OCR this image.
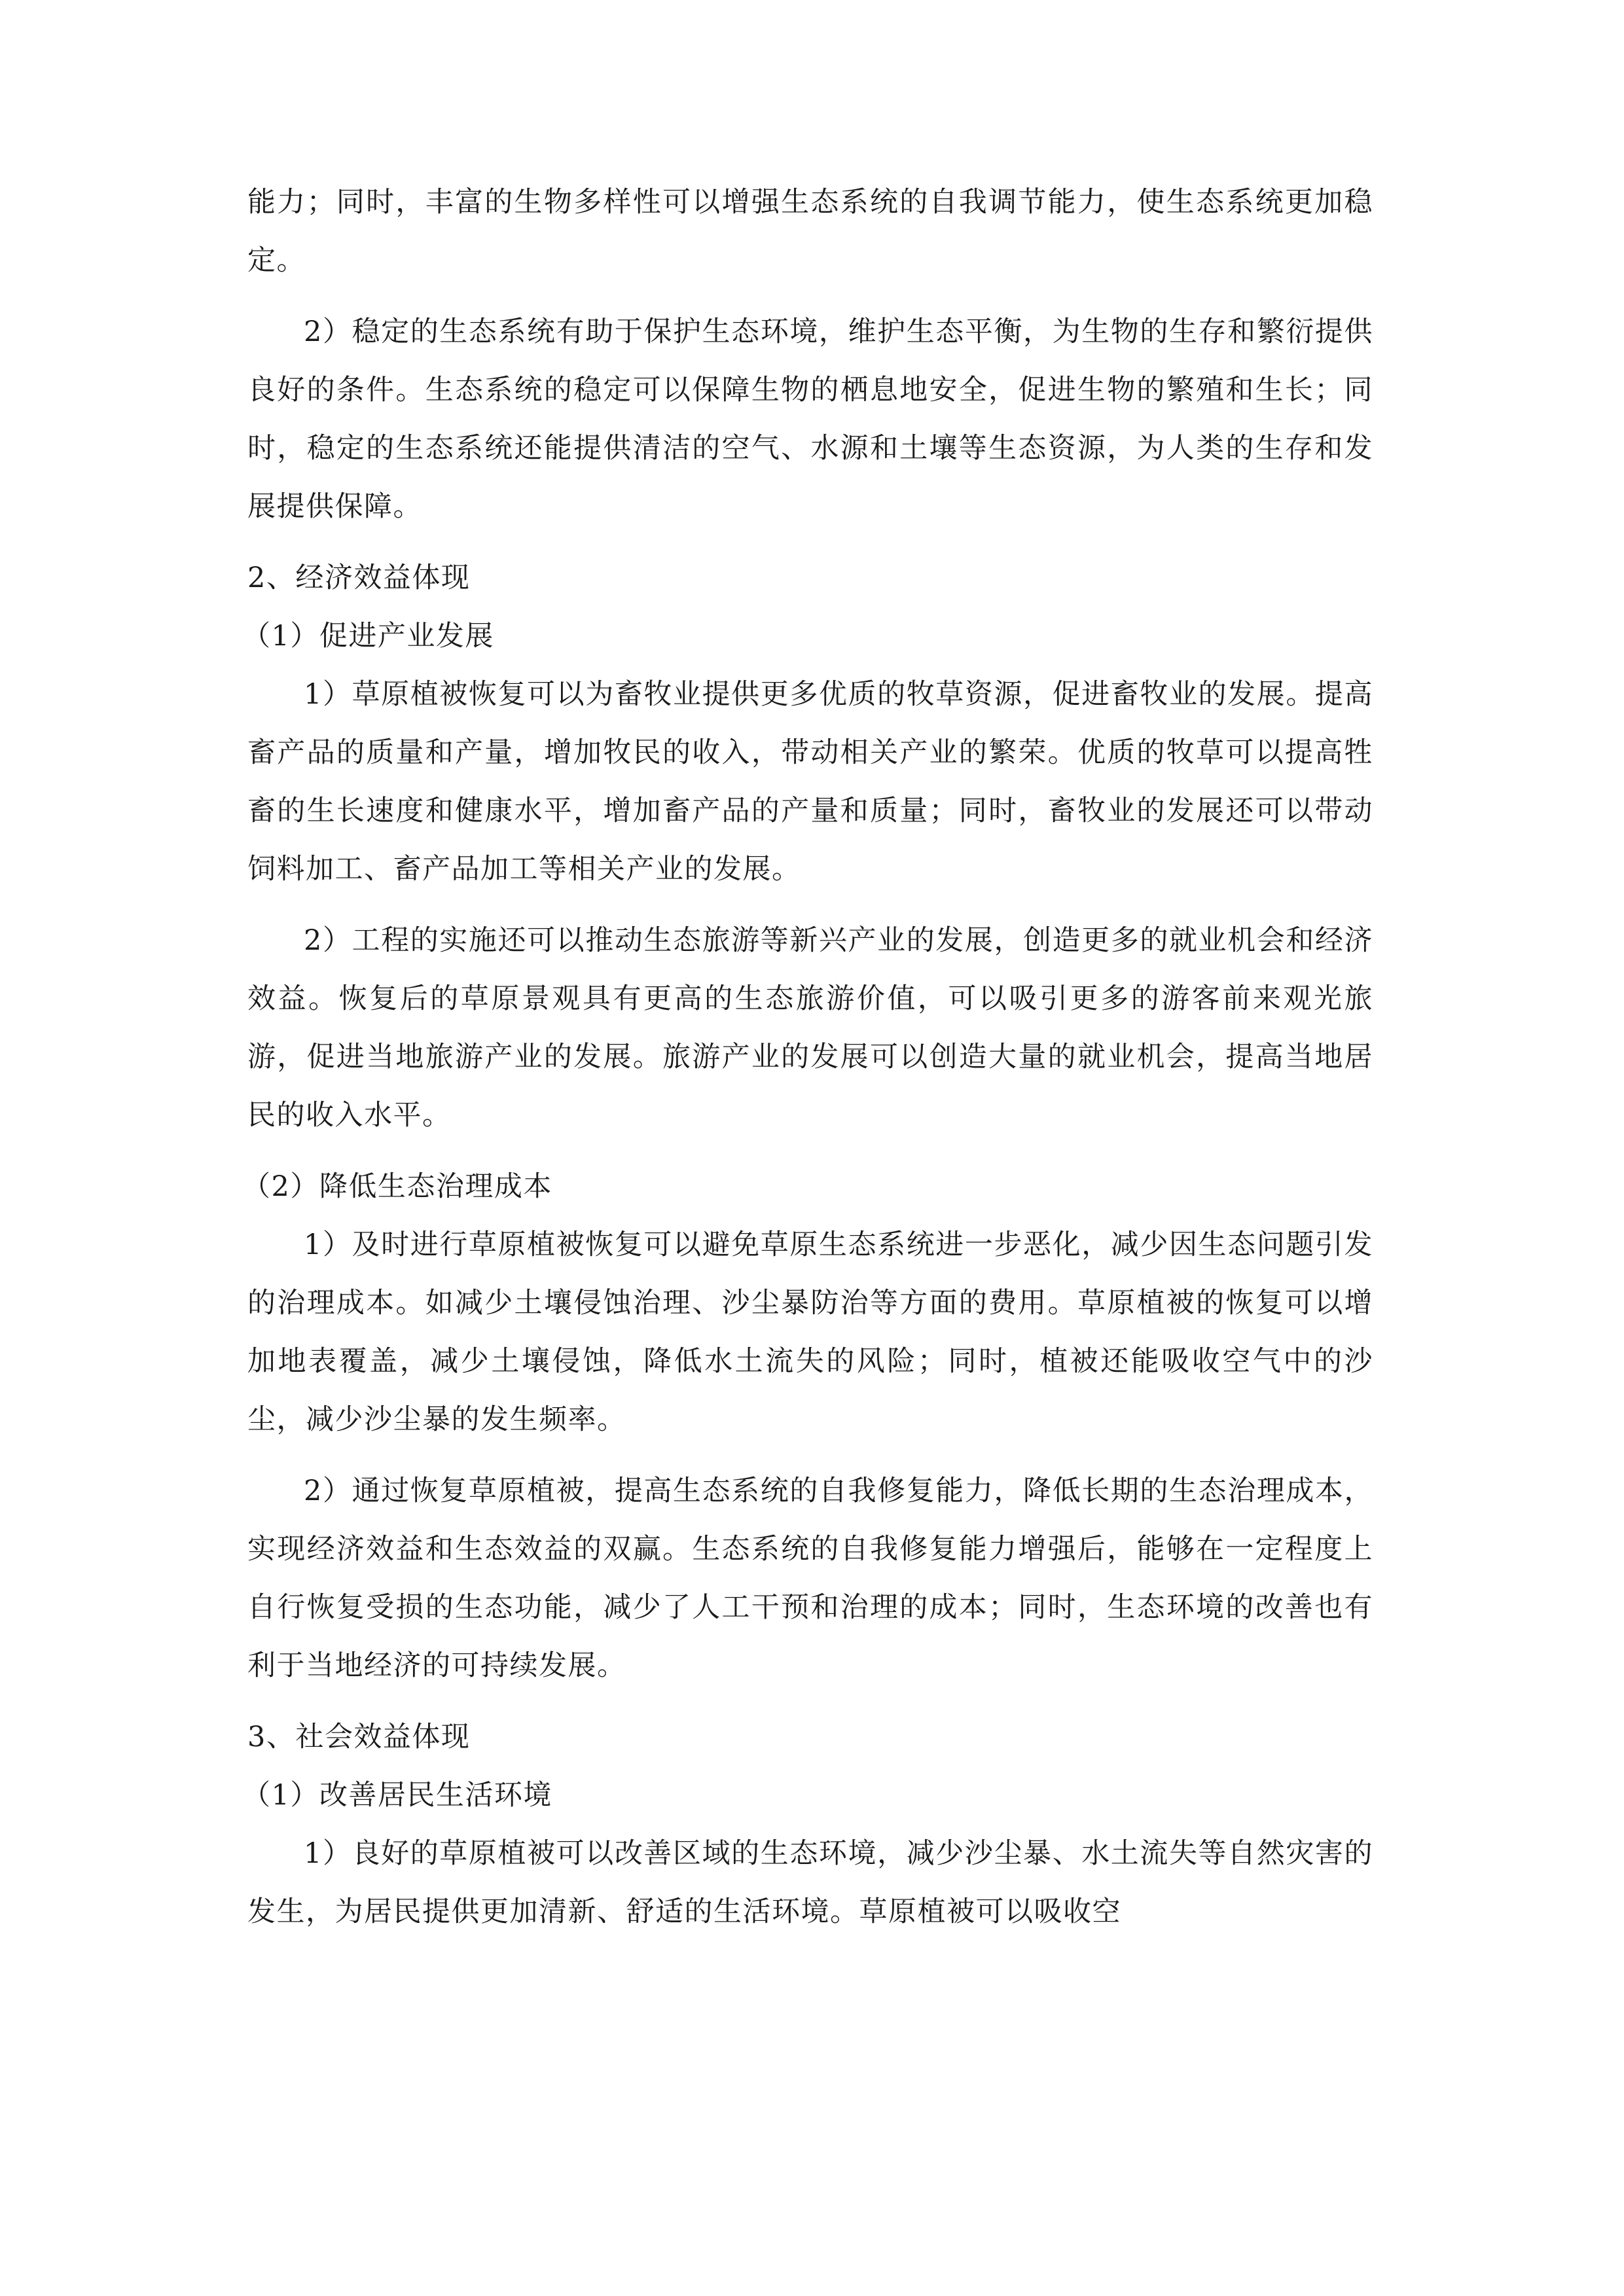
能力；同时，丰富的生物多样性可以增强生态系统的自我调节能力，使生态系统更加稳定。

2）稳定的生态系统有助于保护生态环境，维护生态平衡，为生物的生存和繁衍提供良好的条件。生态系统的稳定可以保障生物的栖息地安全，促进生物的繁殖和生长；同时，稳定的生态系统还能提供清洁的空气、水源和土壤等生态资源，为人类的生存和发展提供保障。

2、经济效益体现

（1）促进产业发展

1）草原植被恢复可以为畜牧业提供更多优质的牧草资源，促进畜牧业的发展。提高畜产品的质量和产量，增加牧民的收入，带动相关产业的繁荣。优质的牧草可以提高牲畜的生长速度和健康水平，增加畜产品的产量和质量；同时，畜牧业的发展还可以带动饲料加工、畜产品加工等相关产业的发展。

2）工程的实施还可以推动生态旅游等新兴产业的发展，创造更多的就业机会和经济效益。恢复后的草原景观具有更高的生态旅游价值，可以吸引更多的游客前来观光旅游，促进当地旅游产业的发展。旅游产业的发展可以创造大量的就业机会，提高当地居民的收入水平。

（2）降低生态治理成本

1）及时进行草原植被恢复可以避免草原生态系统进一步恶化，减少因生态问题引发的治理成本。如减少土壤侵蚀治理、沙尘暴防治等方面的费用。草原植被的恢复可以增加地表覆盖，减少土壤侵蚀，降低水土流失的风险；同时，植被还能吸收空气中的沙尘，减少沙尘暴的发生频率。

2）通过恢复草原植被，提高生态系统的自我修复能力，降低长期的生态治理成本，实现经济效益和生态效益的双赢。生态系统的自我修复能力增强后，能够在一定程度上自行恢复受损的生态功能，减少了人工干预和治理的成本；同时，生态环境的改善也有利于当地经济的可持续发展。

3、社会效益体现

（1）改善居民生活环境

1）良好的草原植被可以改善区域的生态环境，减少沙尘暴、水土流失等自然灾害的发生，为居民提供更加清新、舒适的生活环境。草原植被可以吸收空
